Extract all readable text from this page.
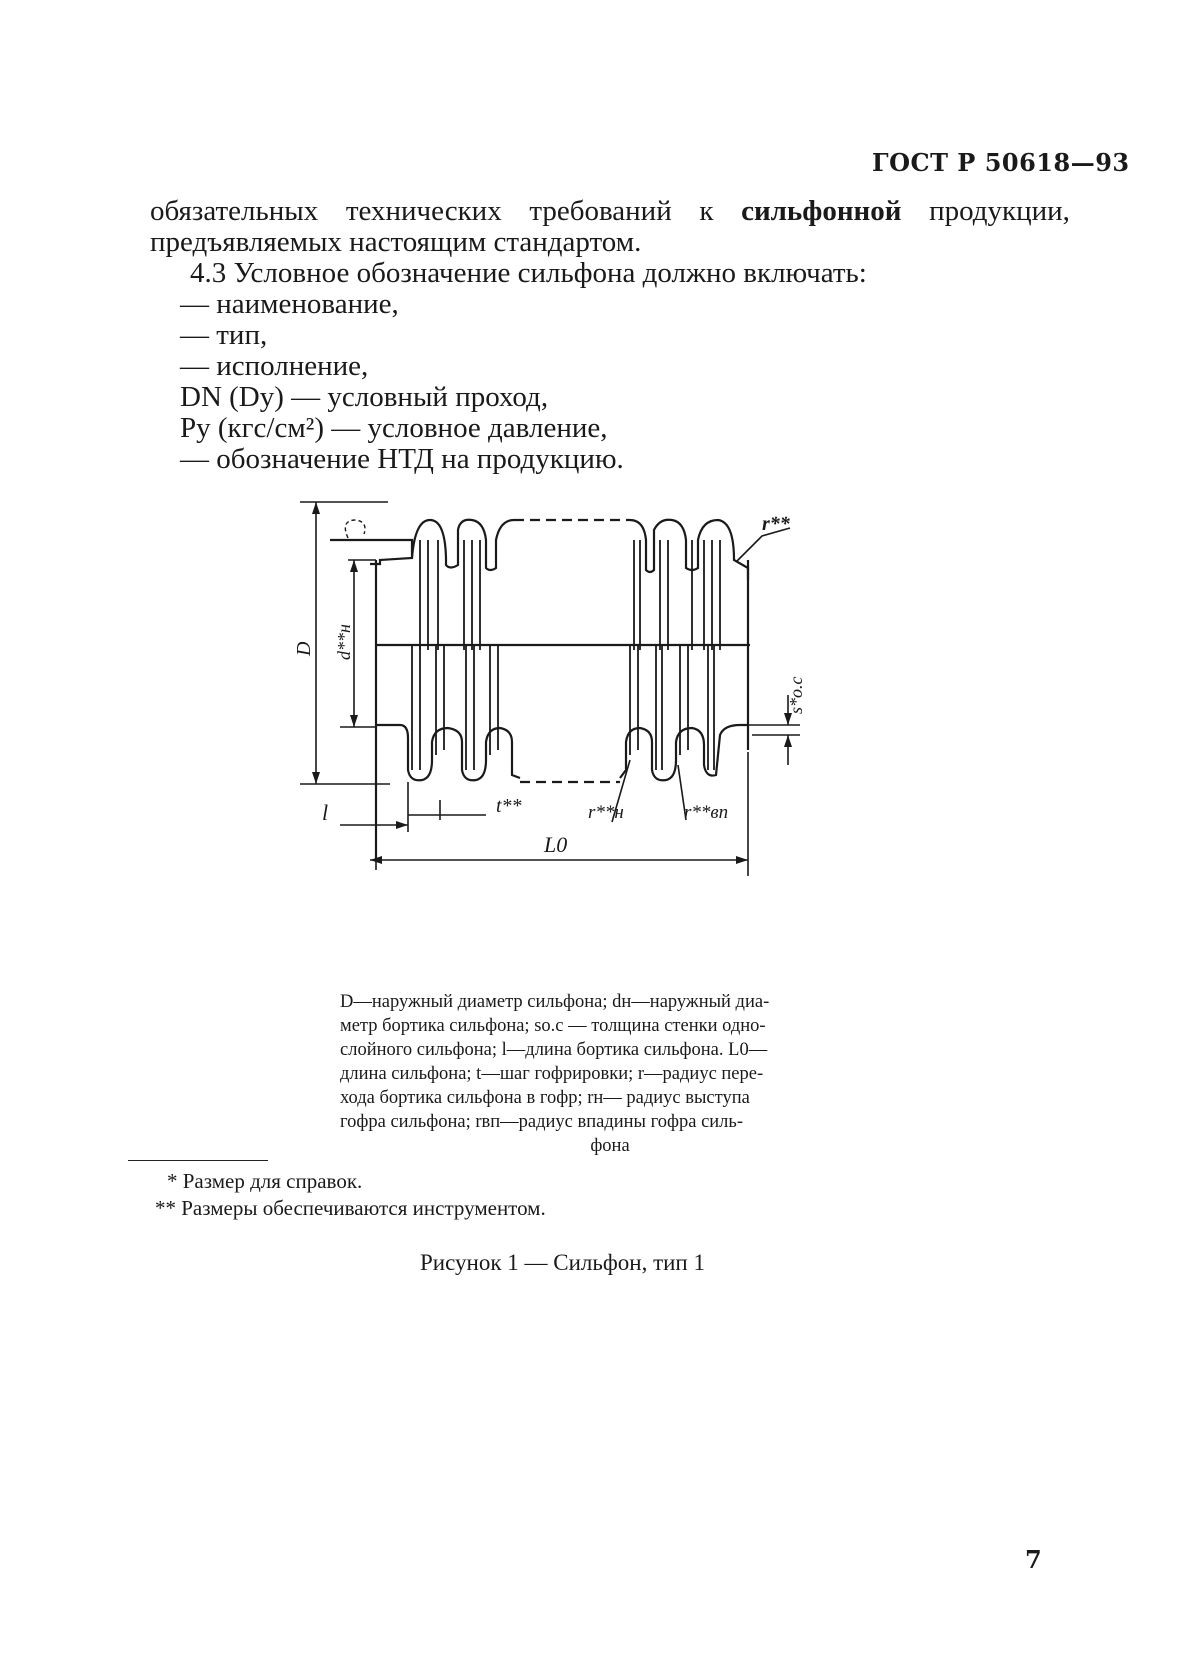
ГОСТ Р 50618—93
обязательных технических требований к сильфонной продукции,
предъявляемых настоящим стандартом.
4.3 Условное обозначение сильфона должно включать:
— наименование,
— тип,
— исполнение,
DN (Dy) — условный проход,
Py (кгс/см²) — условное давление,
— обозначение НТД на продукцию.
D d**н
r**
s*о.с
l	t**	r**н	r**вп
L0
D—наружный диаметр сильфона; dн—наружный диа-
метр бортика сильфона; sо.с — толщина стенки одно-
слойного сильфона; l—длина бортика сильфона. L0—
длина сильфона; t—шаг гофрировки; r—радиус пере-
хода бортика сильфона в гофр; rн— радиус выступа
гофра сильфона; rвп—радиус впадины гофра силь-
фона
* Размер для справок.
** Размеры обеспечиваются инструментом.
Рисунок 1 — Сильфон, тип 1
7
